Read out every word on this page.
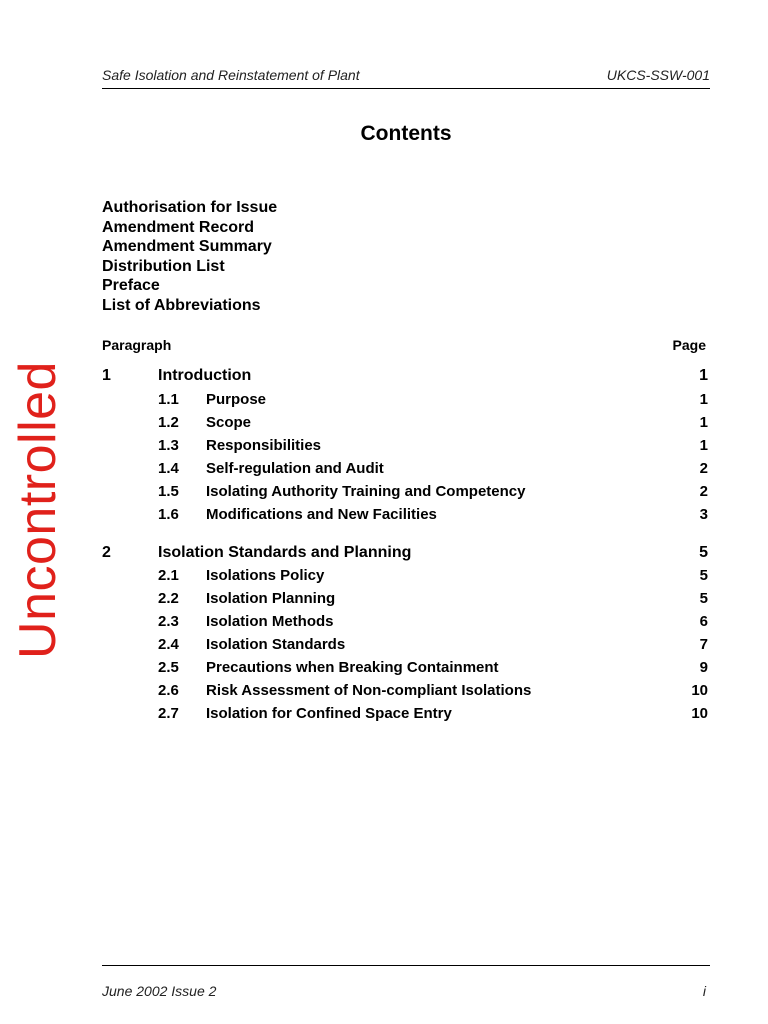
Safe Isolation and Reinstatement of Plant	UKCS-SSW-001
Uncontrolled
Contents
Authorisation for Issue
Amendment Record
Amendment Summary
Distribution List
Preface
List of Abbreviations
Paragraph	Page
1	Introduction	1
1.1 Purpose	1
1.2 Scope	1
1.3 Responsibilities	1
1.4 Self-regulation and Audit	2
1.5 Isolating Authority Training and Competency	2
1.6 Modifications and New Facilities	3
2	Isolation Standards and Planning	5
2.1 Isolations Policy	5
2.2 Isolation Planning	5
2.3 Isolation Methods	6
2.4 Isolation Standards	7
2.5 Precautions when Breaking Containment	9
2.6 Risk Assessment of Non-compliant Isolations	10
2.7 Isolation for Confined Space Entry	10
June 2002 Issue 2	i
